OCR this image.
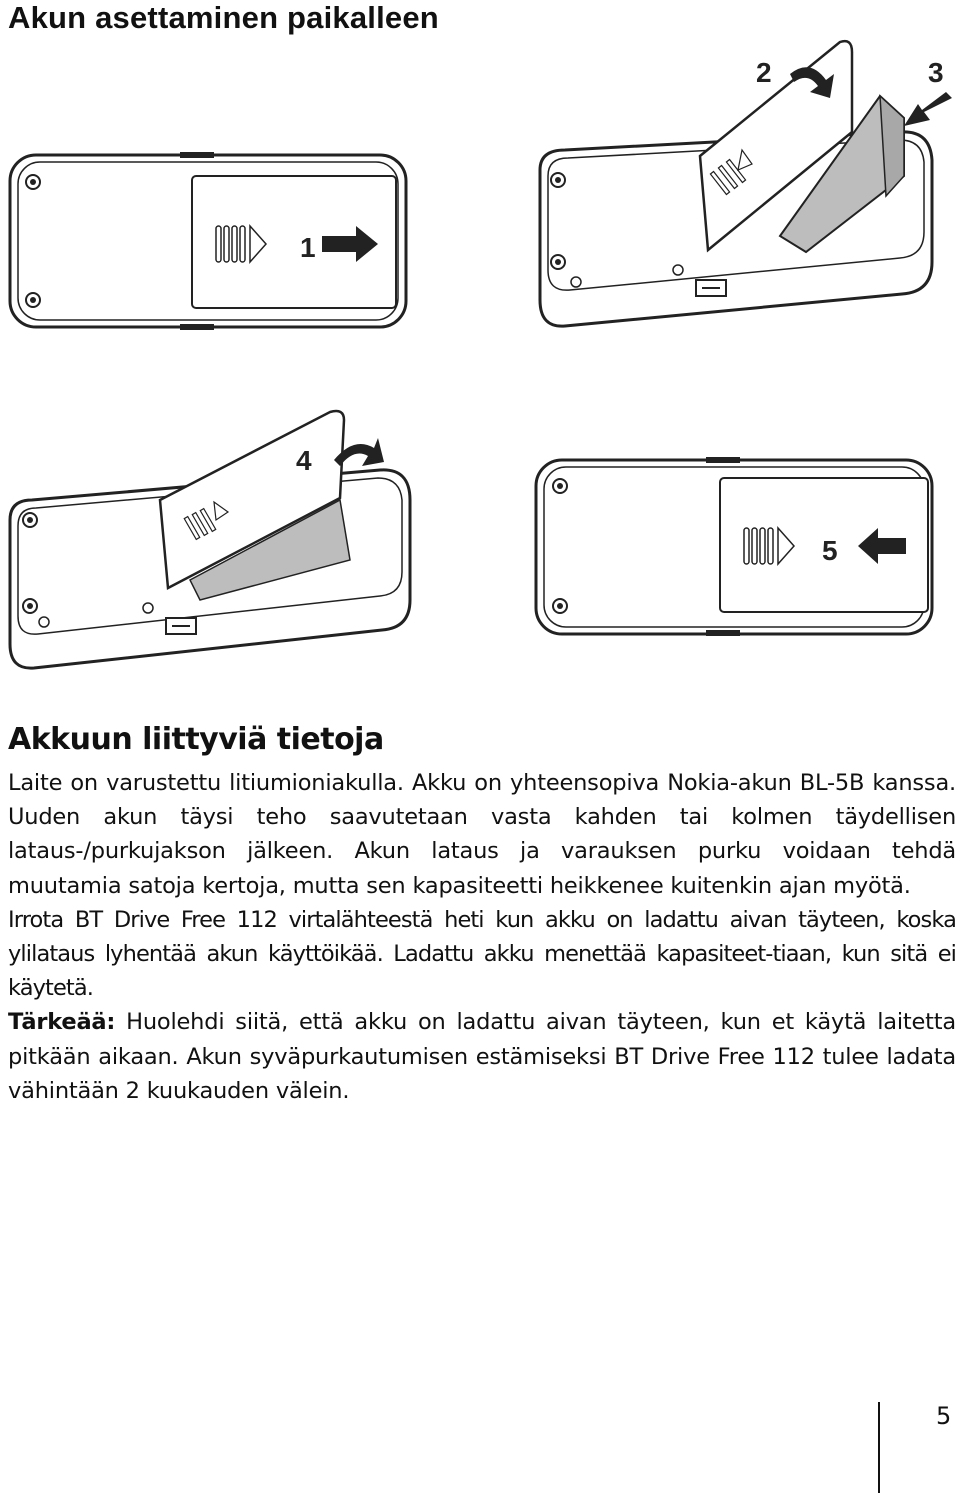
Akun asettaminen paikalleen
1
2	3
4
5
Akkuun liittyviä tietoja

Laite on varustettu litiumioniakulla. Akku on yhteensopiva Nokia-akun BL-5B kanssa. Uuden akun täysi teho saavutetaan vasta kahden tai kolmen täydellisen lataus-/purkujakson jälkeen. Akun lataus ja varauksen purku voidaan tehdä muutamia satoja kertoja, mutta sen kapasiteetti heikkenee kuitenkin ajan myötä.

Irrota BT Drive Free 112 virtalähteestä heti kun akku on ladattu aivan täyteen, koska ylilataus lyhentää akun käyttöikää. Ladattu akku menettää kapasiteet-tiaan, kun sitä ei käytetä.

Tärkeää: Huolehdi siitä, että akku on ladattu aivan täyteen, kun et käytä laitetta pitkään aikaan. Akun syväpurkautumisen estämiseksi BT Drive Free 112 tulee ladata vähintään 2 kuukauden välein.

5
